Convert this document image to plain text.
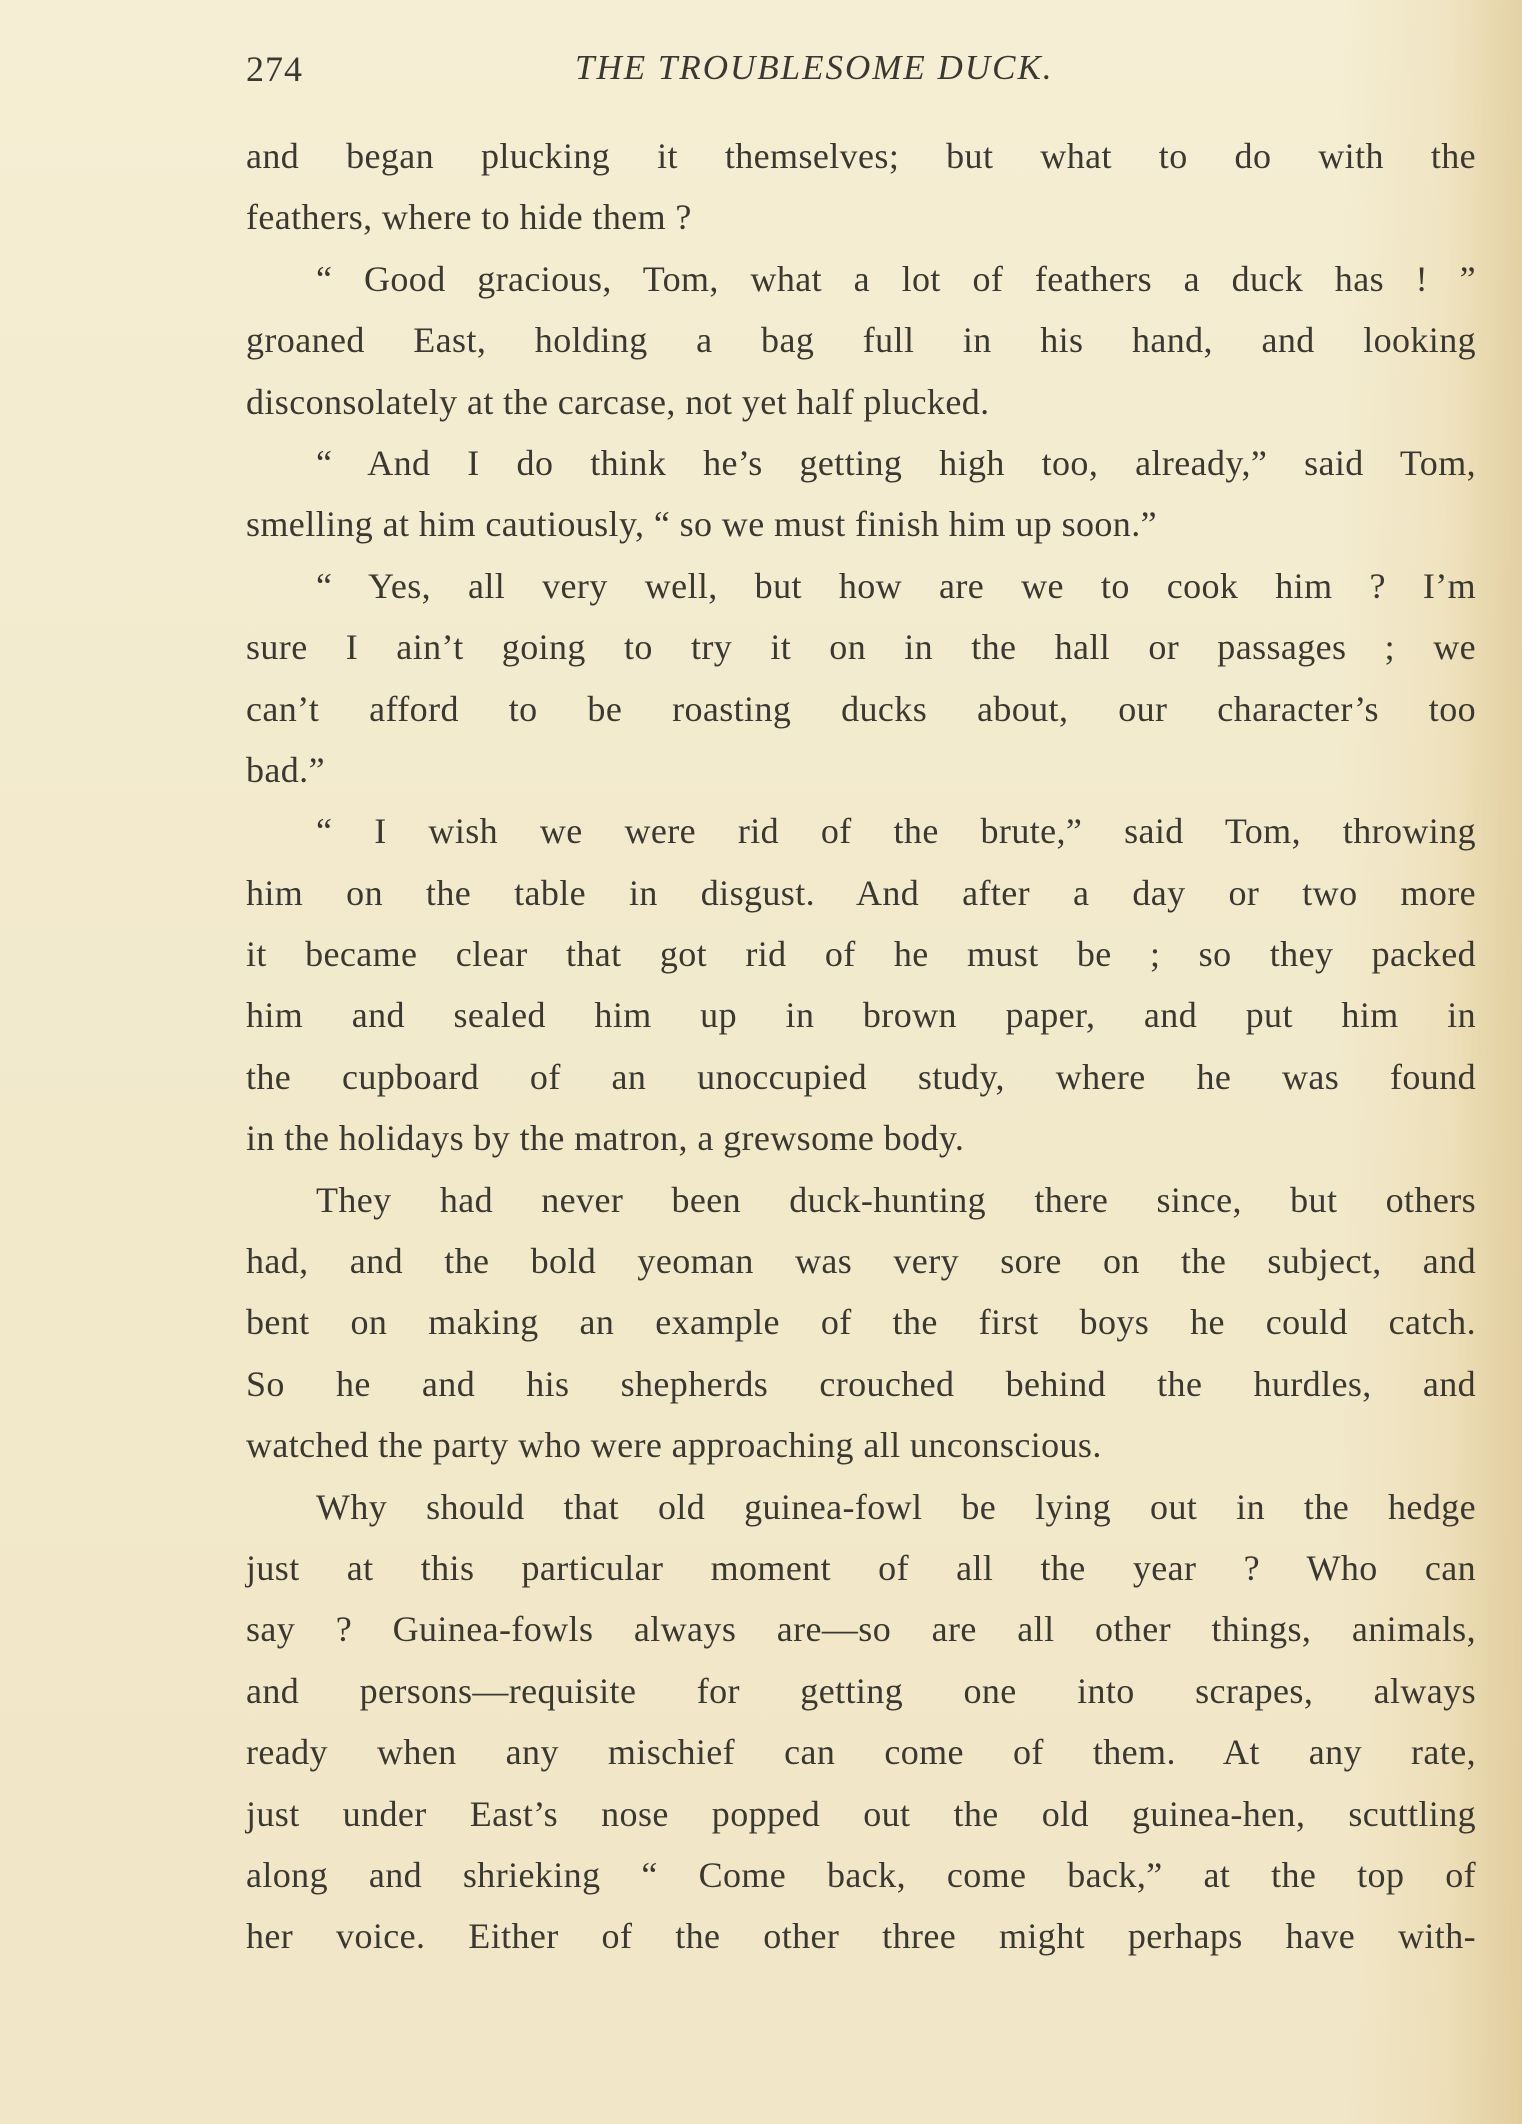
274	THE TROUBLESOME DUCK.
and began plucking it themselves; but what to do with the
feathers, where to hide them ?
“ Good gracious, Tom, what a lot of feathers a duck has ! ”
groaned East, holding a bag full in his hand, and looking
disconsolately at the carcase, not yet half plucked.
“ And I do think he’s getting high too, already,” said Tom,
smelling at him cautiously, “ so we must finish him up soon.”
“ Yes, all very well, but how are we to cook him ? I’m
sure I ain’t going to try it on in the hall or passages ; we
can’t afford to be roasting ducks about, our character’s too
bad.”
“ I wish we were rid of the brute,” said Tom, throwing
him on the table in disgust. And after a day or two more
it became clear that got rid of he must be ; so they packed
him and sealed him up in brown paper, and put him in
the cupboard of an unoccupied study, where he was found
in the holidays by the matron, a grewsome body.
They had never been duck-hunting there since, but others
had, and the bold yeoman was very sore on the subject, and
bent on making an example of the first boys he could catch.
So he and his shepherds crouched behind the hurdles, and
watched the party who were approaching all unconscious.
Why should that old guinea-fowl be lying out in the hedge
just at this particular moment of all the year ? Who can
say ? Guinea-fowls always are—so are all other things, animals,
and persons—requisite for getting one into scrapes, always
ready when any mischief can come of them. At any rate,
just under East’s nose popped out the old guinea-hen, scuttling
along and shrieking “ Come back, come back,” at the top of
her voice. Either of the other three might perhaps have with-
